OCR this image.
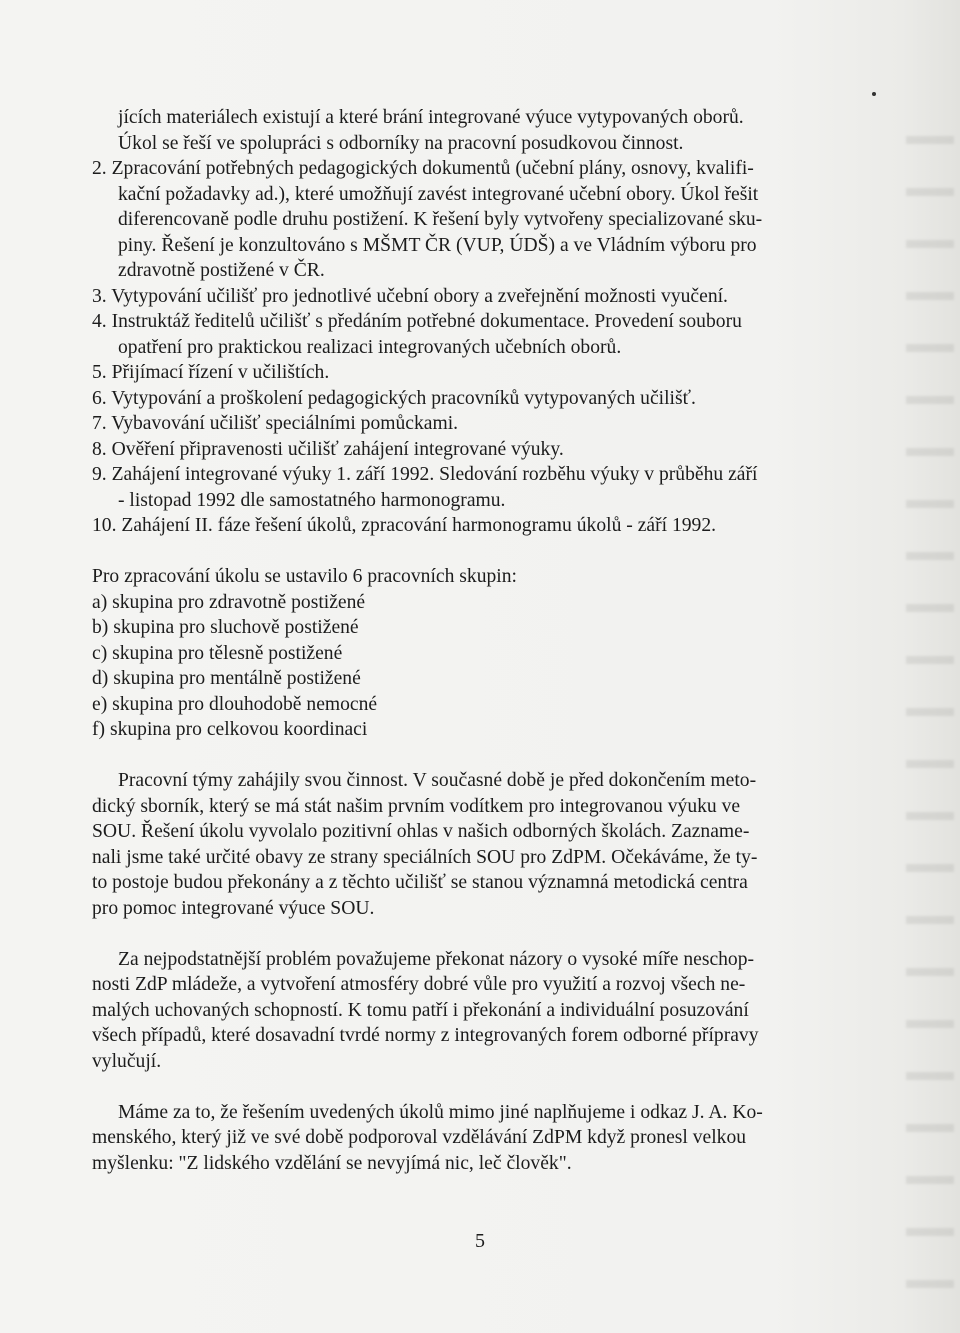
jících materiálech existují a které brání integrované výuce vytypovaných oborů.
Úkol se řeší ve spolupráci s odborníky na pracovní posudkovou činnost.
2. Zpracování potřebných pedagogických dokumentů (učební plány, osnovy, kvalifi-
kační požadavky ad.), které umožňují zavést integrované učební obory. Úkol řešit
diferencovaně podle druhu postižení. K řešení byly vytvořeny specializované sku-
piny. Řešení je konzultováno s MŠMT ČR (VUP, ÚDŠ) a ve Vládním výboru pro
zdravotně postižené v ČR.
3. Vytypování učilišť pro jednotlivé učební obory a zveřejnění možnosti vyučení.
4. Instruktáž ředitelů učilišť s předáním potřebné dokumentace. Provedení souboru
opatření pro praktickou realizaci integrovaných učebních oborů.
5. Přijímací řízení v učilištích.
6. Vytypování a proškolení pedagogických pracovníků vytypovaných učilišť.
7. Vybavování učilišť speciálními pomůckami.
8. Ověření připravenosti učilišť zahájení integrované výuky.
9. Zahájení integrované výuky 1. září 1992. Sledování rozběhu výuky v průběhu září
- listopad 1992 dle samostatného harmonogramu.
10. Zahájení II. fáze řešení úkolů, zpracování harmonogramu úkolů - září 1992.
Pro zpracování úkolu se ustavilo 6 pracovních skupin:
a) skupina pro zdravotně postižené
b) skupina pro sluchově postižené
c) skupina pro tělesně postižené
d) skupina pro mentálně postižené
e) skupina pro dlouhodobě nemocné
f) skupina pro celkovou koordinaci
Pracovní týmy zahájily svou činnost. V současné době je před dokončením meto-
dický sborník, který se má stát našim prvním vodítkem pro integrovanou výuku ve
SOU. Řešení úkolu vyvolalo pozitivní ohlas v našich odborných školách. Zazname-
nali jsme také určité obavy ze strany speciálních SOU pro ZdPM. Očekáváme, že ty-
to postoje budou překonány a z těchto učilišť se stanou významná metodická centra
pro pomoc integrované výuce SOU.
Za nejpodstatnější problém považujeme překonat názory o vysoké míře neschop-
nosti ZdP mládeže, a vytvoření atmosféry dobré vůle pro využití a rozvoj všech ne-
malých uchovaných schopností. K tomu patří i překonání a individuální posuzování
všech případů, které dosavadní tvrdé normy z integrovaných forem odborné přípravy
vylučují.
Máme za to, že řešením uvedených úkolů mimo jiné naplňujeme i odkaz J. A. Ko-
menského, který již ve své době podporoval vzdělávání ZdPM když pronesl velkou
myšlenku: "Z lidského vzdělání se nevyjímá nic, leč člověk".
5
